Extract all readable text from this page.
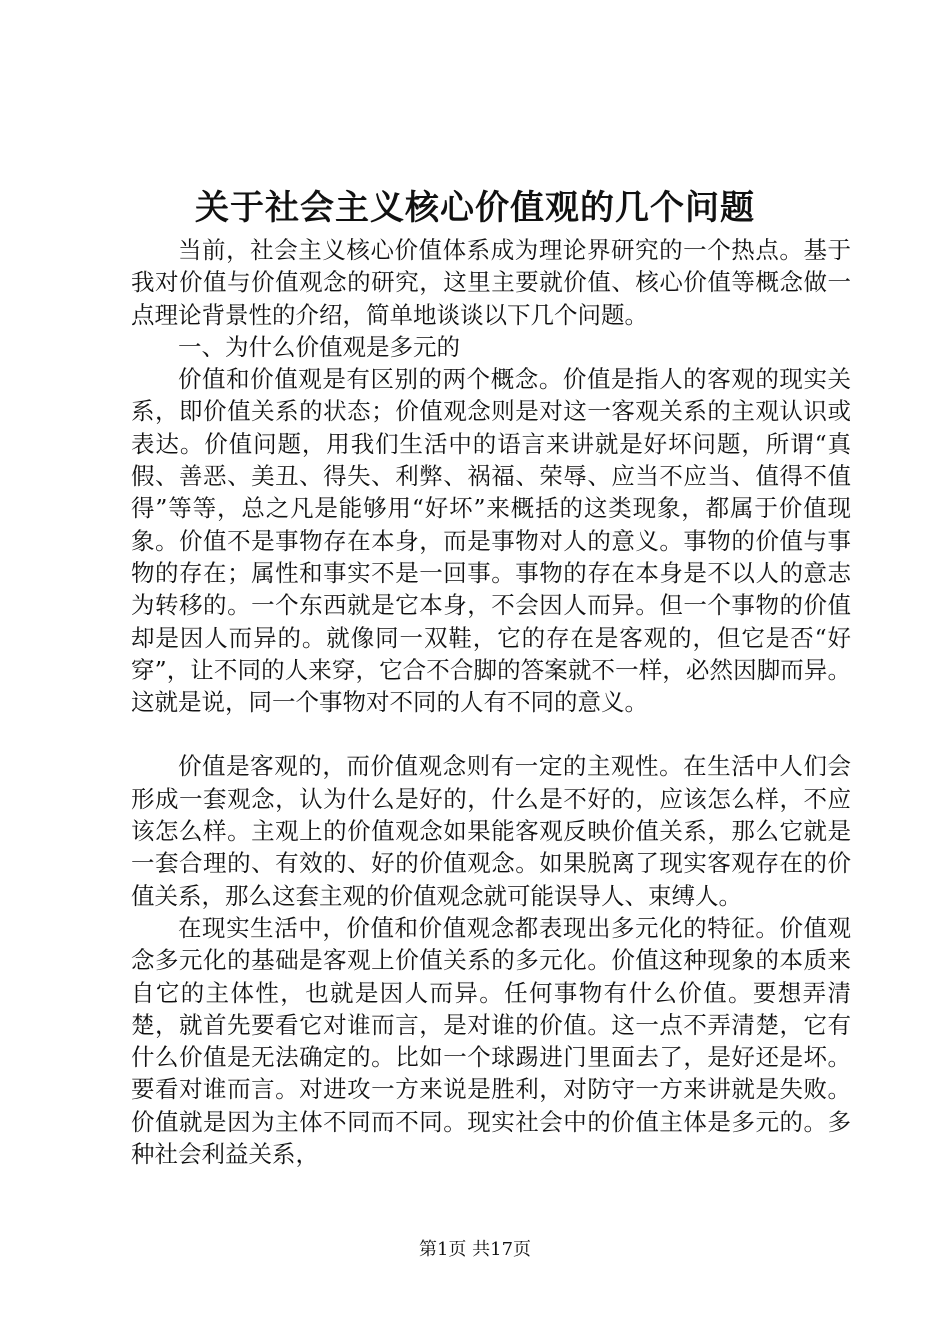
关于社会主义核心价值观的几个问题

当前，社会主义核心价值体系成为理论界研究的一个热点。基于我对价值与价值观念的研究，这里主要就价值、核心价值等概念做一点理论背景性的介绍，简单地谈谈以下几个问题。

一、为什么价值观是多元的

价值和价值观是有区别的两个概念。价值是指人的客观的现实关系，即价值关系的状态；价值观念则是对这一客观关系的主观认识或表达。价值问题，用我们生活中的语言来讲就是好坏问题，所谓“真假、善恶、美丑、得失、利弊、祸福、荣辱、应当不应当、值得不值得”等等，总之凡是能够用“好坏”来概括的这类现象，都属于价值现象。价值不是事物存在本身，而是事物对人的意义。事物的价值与事物的存在；属性和事实不是一回事。事物的存在本身是不以人的意志为转移的。一个东西就是它本身，不会因人而异。但一个事物的价值却是因人而异的。就像同一双鞋，它的存在是客观的，但它是否“好穿”，让不同的人来穿，它合不合脚的答案就不一样，必然因脚而异。这就是说，同一个事物对不同的人有不同的意义。

价值是客观的，而价值观念则有一定的主观性。在生活中人们会形成一套观念，认为什么是好的，什么是不好的，应该怎么样，不应该怎么样。主观上的价值观念如果能客观反映价值关系，那么它就是一套合理的、有效的、好的价值观念。如果脱离了现实客观存在的价值关系，那么这套主观的价值观念就可能误导人、束缚人。

在现实生活中，价值和价值观念都表现出多元化的特征。价值观念多元化的基础是客观上价值关系的多元化。价值这种现象的本质来自它的主体性，也就是因人而异。任何事物有什么价值。要想弄清楚，就首先要看它对谁而言，是对谁的价值。这一点不弄清楚，它有什么价值是无法确定的。比如一个球踢进门里面去了，是好还是坏。要看对谁而言。对进攻一方来说是胜利，对防守一方来讲就是失败。价值就是因为主体不同而不同。现实社会中的价值主体是多元的。多种社会利益关系，

第1页 共17页
